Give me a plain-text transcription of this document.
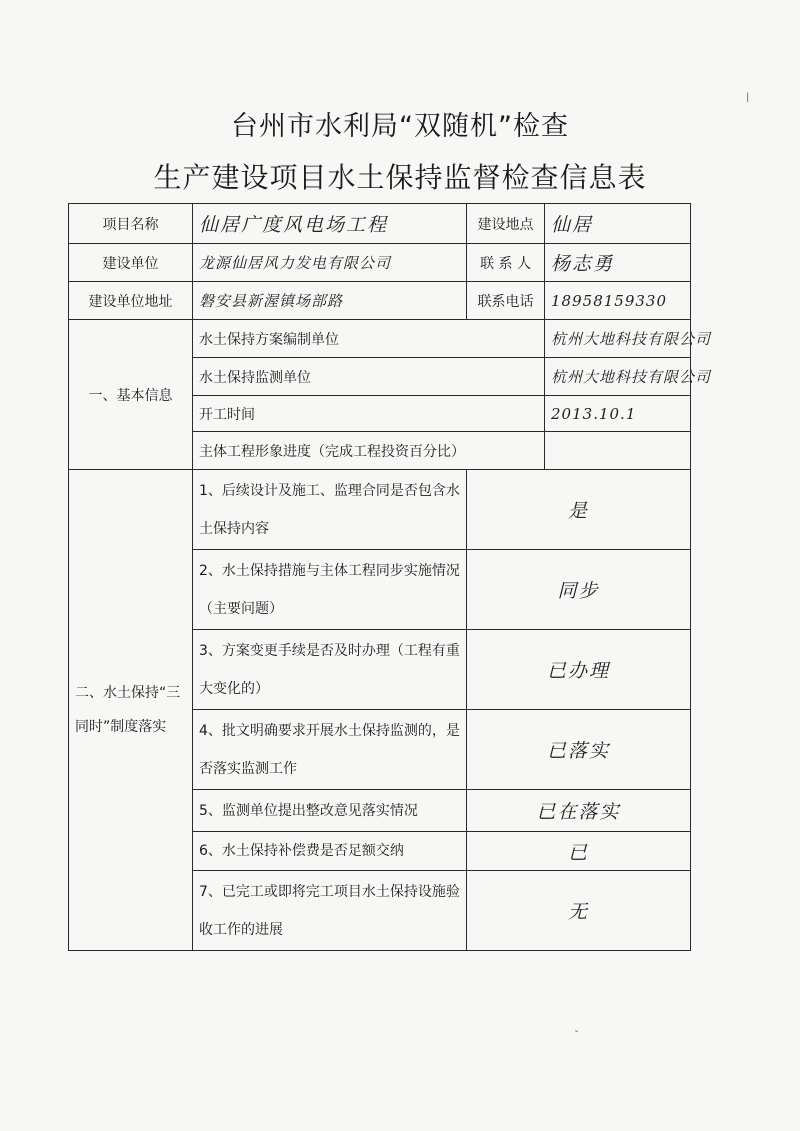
|
台州市水利局“双随机”检查
生产建设项目水土保持监督检查信息表
项目名称	仙居广度风电场工程	建设地点	仙居
建设单位	龙源仙居风力发电有限公司	联 系 人	杨志勇
建设单位地址	磐安县新渥镇场部路	联系电话	18958159330
一、基本信息	水土保持方案编制单位		杭州大地科技有限公司
	水土保持监测单位		杭州大地科技有限公司
	开工时间		2013.10.1
	主体工程形象进度（完成工程投资百分比）		
二、水土保持“三同时”制度落实	1、后续设计及施工、监理合同是否包含水土保持内容	是	
	2、水土保持措施与主体工程同步实施情况（主要问题）	同步	
	3、方案变更手续是否及时办理（工程有重大变化的）	已办理	
	4、批文明确要求开展水土保持监测的，是否落实监测工作	已落实	
	5、监测单位提出整改意见落实情况	已在落实	
	6、水土保持补偿费是否足额交纳	已	
	7、已完工或即将完工项目水土保持设施验收工作的进展	无	
ˇ
